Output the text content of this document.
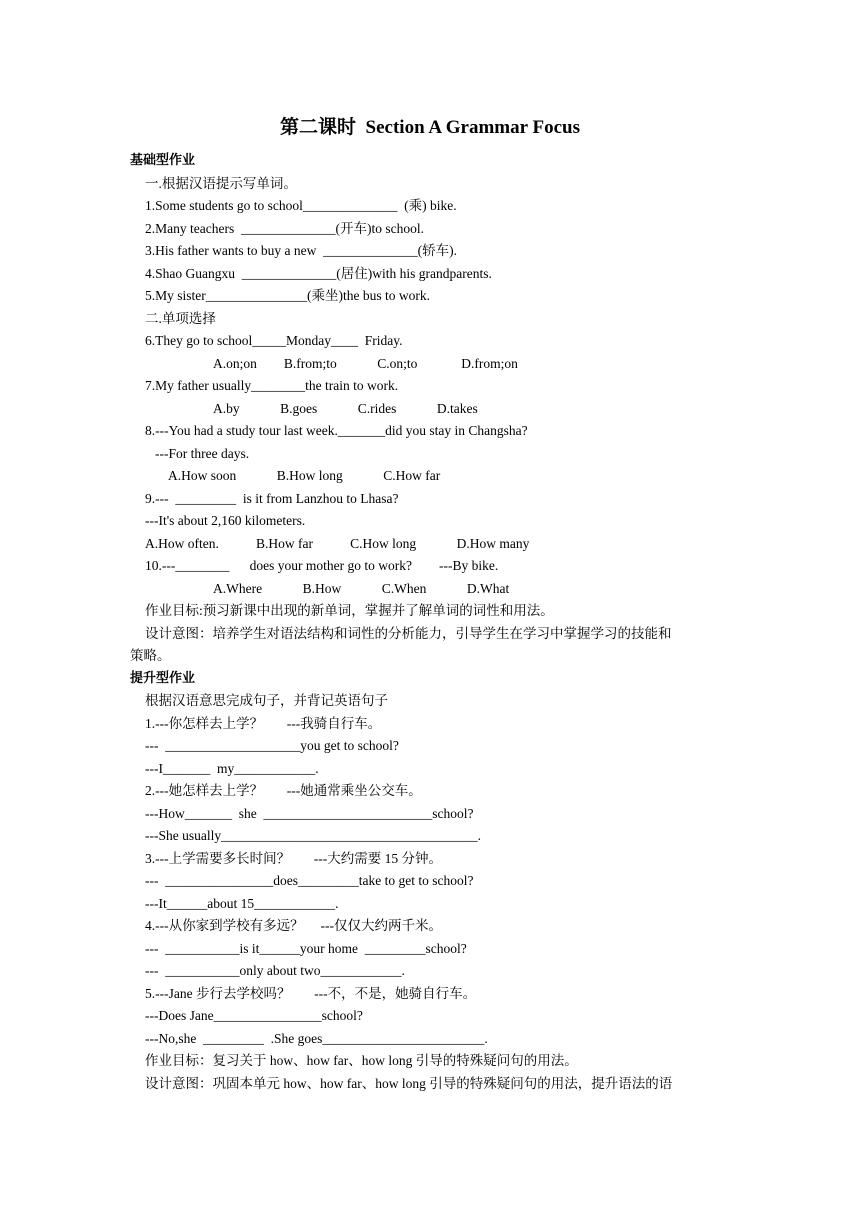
第二课时  Section A Grammar Focus
基础型作业
一.根据汉语提示写单词。
1.Some students go to school______________  (乘) bike.
2.Many teachers  ______________(开车)to school.
3.His father wants to buy a new  ______________(轿车).
4.Shao Guangxu  ______________(居住)with his grandparents.
5.My sister_______________(乘坐)the bus to work.
二.单项选择
6.They go to school_____Monday____  Friday.
A.on;on        B.from;to            C.on;to             D.from;on
7.My father usually________the train to work.
A.by            B.goes            C.rides            D.takes
8.---You had a study tour last week._______did you stay in Changsha?
---For three days.
A.How soon            B.How long            C.How far
9.---  _________  is it from Lanzhou to Lhasa?
---It's about 2,160 kilometers.
A.How often.           B.How far           C.How long            D.How many
10.---________      does your mother go to work?        ---By bike.
A.Where            B.How            C.When            D.What
作业目标:预习新课中出现的新单词，掌握并了解单词的词性和用法。
设计意图：培养学生对语法结构和词性的分析能力，引导学生在学习中掌握学习的技能和
策略。
提升型作业
根据汉语意思完成句子，并背记英语句子
1.---你怎样去上学？       ---我骑自行车。
---  ____________________you get to school?
---I_______  my____________.
2.---她怎样去上学？       ---她通常乘坐公交车。
---How_______  she  _________________________school?
---She usually______________________________________.
3.---上学需要多长时间？       ---大约需要 15 分钟。
---  ________________does_________take to get to school?
---It______about 15____________.
4.---从你家到学校有多远？     ---仅仅大约两千米。
---  ___________is it______your home  _________school?
---  ___________only about two____________.
5.---Jane 步行去学校吗？       ---不，不是，她骑自行车。
---Does Jane________________school?
---No,she  _________  .She goes________________________.
作业目标：复习关于 how、how far、how long 引导的特殊疑问句的用法。
设计意图：巩固本单元 how、how far、how long 引导的特殊疑问句的用法，提升语法的语
